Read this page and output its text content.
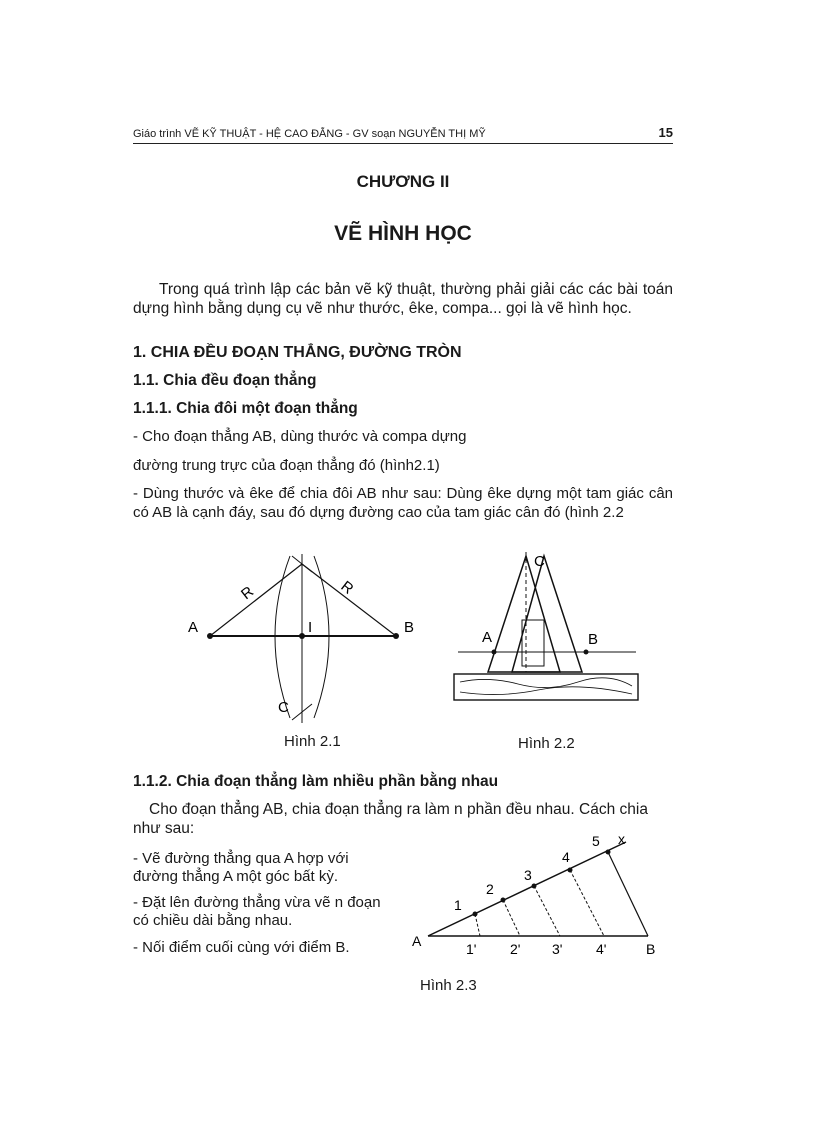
Giáo trình VẼ KỸ THUẬT - HỆ CAO ĐẲNG - GV soạn NGUYỄN THỊ MỸ	15
CHƯƠNG II
VẼ HÌNH HỌC
Trong quá trình lập các bản vẽ kỹ thuật, thường phải giải các các bài toán dựng hình bằng dụng cụ vẽ như thước, êke, compa... gọi là vẽ hình học.
1. CHIA ĐỀU ĐOẠN THẲNG, ĐƯỜNG TRÒN
1.1. Chia đều đoạn thẳng
1.1.1. Chia đôi một đoạn thẳng
- Cho đoạn thẳng AB, dùng thước và compa dựng
đường trung trực của đoạn thẳng đó (hình2.1)
- Dùng thước và êke để chia đôi AB như sau: Dùng êke dựng một tam giác cân có AB là cạnh đáy, sau đó dựng đường cao của tam giác cân đó (hình 2.2
A	B
I
C
R	R
Hình 2.1
A	B
C
Hình 2.2
1.1.2. Chia đoạn thẳng làm nhiều phần bằng nhau
Cho đoạn thẳng AB, chia đoạn thẳng ra làm n phần đều nhau. Cách chia như sau:
- Vẽ đường thẳng qua A hợp với đường thẳng A một góc bất kỳ.
- Đặt lên đường thẳng vừa vẽ n đoạn có chiều dài bằng nhau.
- Nối điểm cuối cùng với điểm B.	A	B
x
1
2
3
4
5
1' 2' 3' 4'
Hình 2.3
